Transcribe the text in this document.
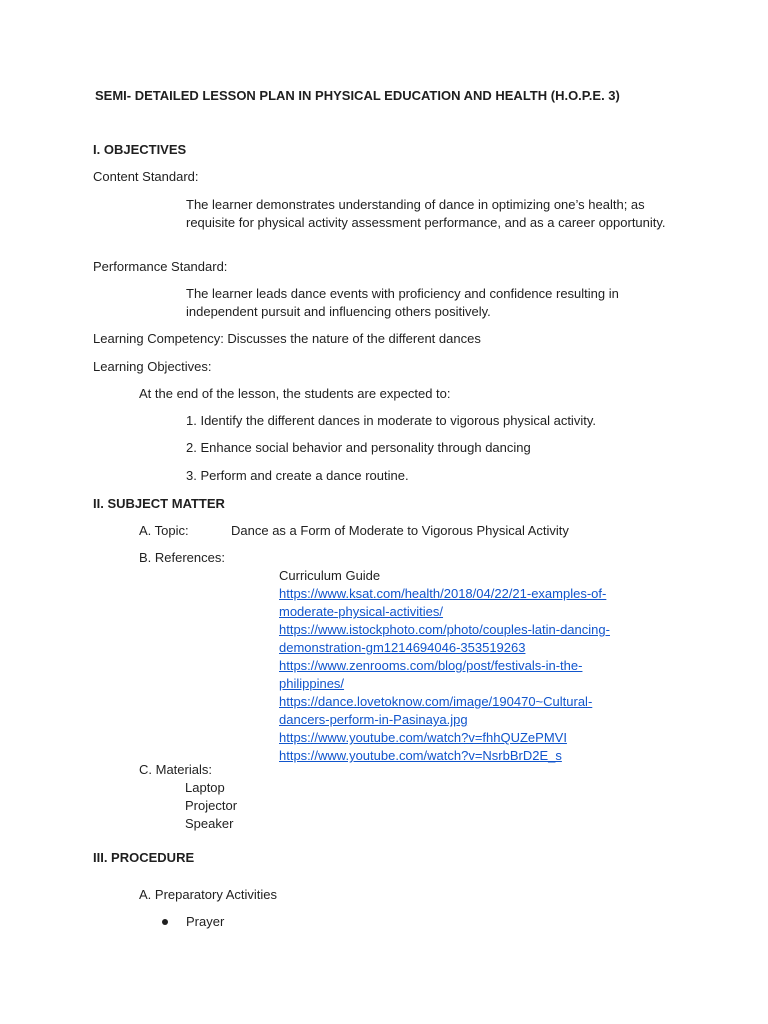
SEMI- DETAILED LESSON PLAN IN PHYSICAL EDUCATION AND HEALTH (H.O.P.E. 3)
I. OBJECTIVES
Content Standard:
The learner demonstrates understanding of dance in optimizing one’s health; as requisite for physical activity assessment performance, and as a career opportunity.
Performance Standard:
The learner leads dance events with proficiency and confidence resulting in independent pursuit and influencing others positively.
Learning Competency: Discusses the nature of the different dances
Learning Objectives:
At the end of the lesson, the students are expected to:
1. Identify the different dances in moderate to vigorous physical activity.
2. Enhance social behavior and personality through dancing
3. Perform and create a dance routine.
II. SUBJECT MATTER
A. Topic:	Dance as a Form of Moderate to Vigorous Physical Activity
B. References:
Curriculum Guide
https://www.ksat.com/health/2018/04/22/21-examples-of-
moderate-physical-activities/
https://www.istockphoto.com/photo/couples-latin-dancing-
demonstration-gm1214694046-353519263
https://www.zenrooms.com/blog/post/festivals-in-the-
philippines/
https://dance.lovetoknow.com/image/190470~Cultural-
dancers-perform-in-Pasinaya.jpg
https://www.youtube.com/watch?v=fhhQUZePMVI
https://www.youtube.com/watch?v=NsrbBrD2E_s
C. Materials:
Laptop
Projector
Speaker
III. PROCEDURE
A. Preparatory Activities
Prayer
